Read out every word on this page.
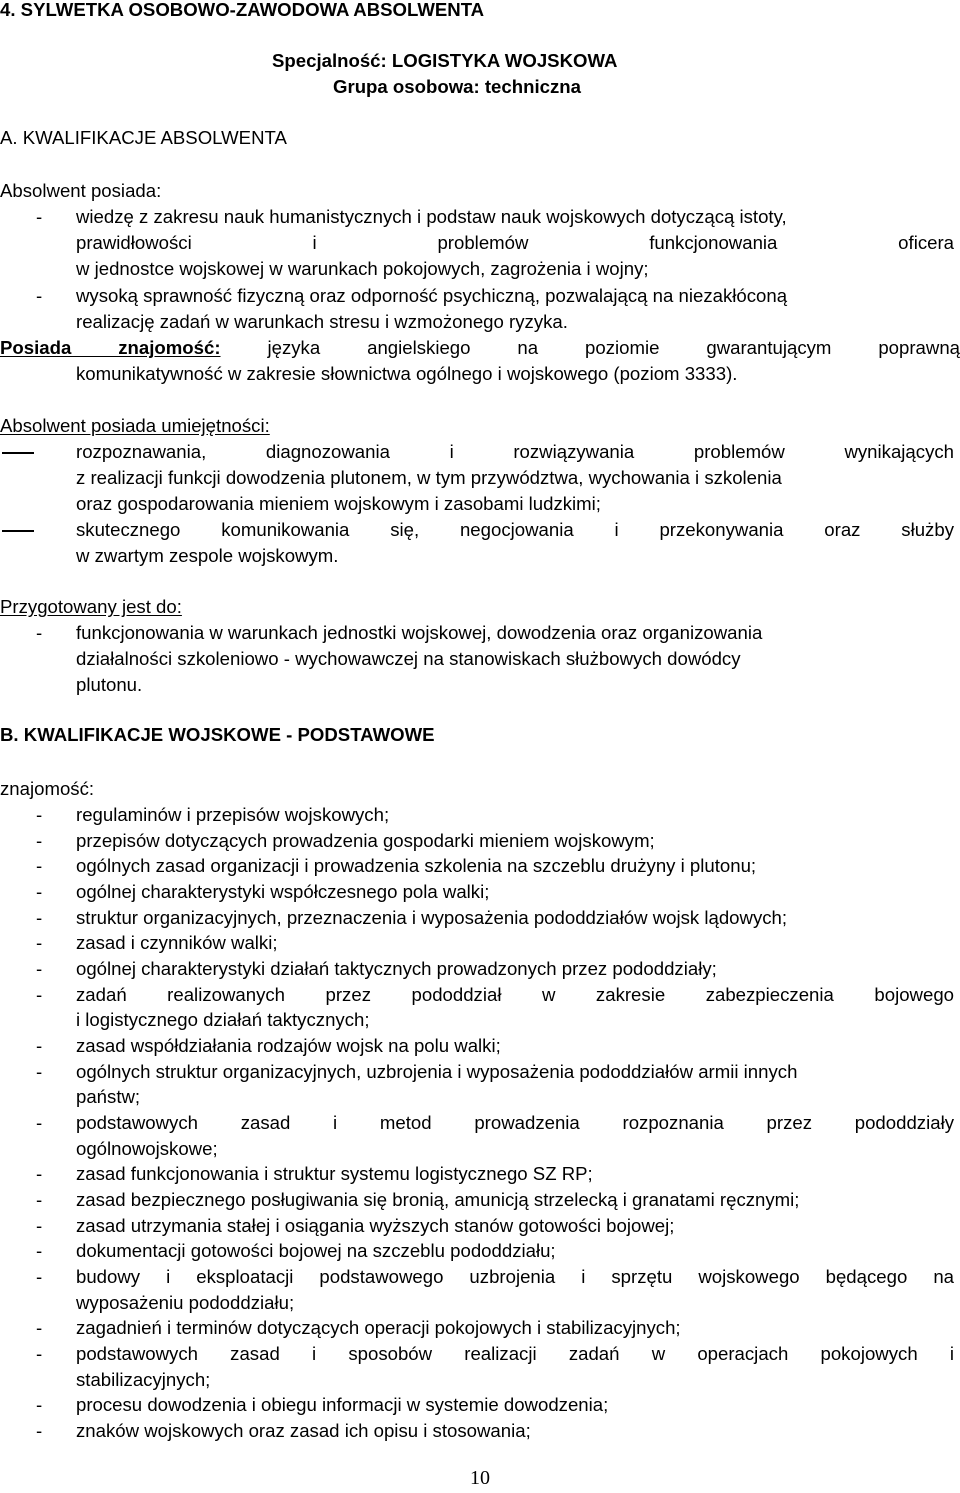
4. SYLWETKA OSOBOWO-ZAWODOWA ABSOLWENTA
Specjalność: LOGISTYKA WOJSKOWA
Grupa osobowa: techniczna
A. KWALIFIKACJE ABSOLWENTA
Absolwent posiada:
- wiedzę z zakresu nauk humanistycznych i podstaw nauk wojskowych dotyczącą istoty,
prawidłowości i problemów funkcjonowania oficera
w jednostce wojskowej w warunkach pokojowych, zagrożenia i wojny;
- wysoką sprawność fizyczną oraz odporność psychiczną, pozwalającą na niezakłóconą
realizację zadań w warunkach stresu i wzmożonego ryzyka.
Posiada znajomość:	języka angielskiego na poziomie gwarantującym poprawną
komunikatywność w zakresie słownictwa ogólnego i wojskowego (poziom 3333).
Absolwent posiada umiejętności:
rozpoznawania, diagnozowania i rozwiązywania problemów wynikających
z realizacji funkcji dowodzenia plutonem, w tym przywództwa, wychowania i szkolenia
oraz gospodarowania mieniem wojskowym i zasobami ludzkimi;
skutecznego komunikowania się, negocjowania i przekonywania oraz służby
w zwartym zespole wojskowym.
Przygotowany jest do:
- funkcjonowania w warunkach jednostki wojskowej, dowodzenia oraz organizowania
działalności szkoleniowo - wychowawczej na stanowiskach służbowych dowódcy
plutonu.
B. KWALIFIKACJE WOJSKOWE - PODSTAWOWE
znajomość:
- regulaminów i przepisów wojskowych;
- przepisów dotyczących prowadzenia gospodarki mieniem wojskowym;
- ogólnych zasad organizacji i prowadzenia szkolenia na szczeblu drużyny i plutonu;
- ogólnej charakterystyki współczesnego pola walki;
- struktur organizacyjnych, przeznaczenia i wyposażenia pododdziałów wojsk lądowych;
- zasad i czynników walki;
- ogólnej charakterystyki działań taktycznych prowadzonych przez pododdziały;
- zadań realizowanych przez pododdział w zakresie zabezpieczenia bojowego
i logistycznego działań taktycznych;
- zasad współdziałania rodzajów wojsk na polu walki;
- ogólnych struktur organizacyjnych, uzbrojenia i wyposażenia pododdziałów armii innych
państw;
- podstawowych zasad i metod prowadzenia rozpoznania przez pododdziały
ogólnowojskowe;
- zasad funkcjonowania i struktur systemu logistycznego SZ RP;
- zasad bezpiecznego posługiwania się bronią, amunicją strzelecką i granatami ręcznymi;
- zasad utrzymania stałej i osiągania wyższych stanów gotowości bojowej;
- dokumentacji gotowości bojowej na szczeblu pododdziału;
- budowy i eksploatacji podstawowego uzbrojenia i sprzętu wojskowego będącego na
wyposażeniu pododdziału;
- zagadnień i terminów dotyczących operacji pokojowych i stabilizacyjnych;
- podstawowych zasad i sposobów realizacji zadań w operacjach pokojowych i
stabilizacyjnych;
- procesu dowodzenia i obiegu informacji w systemie dowodzenia;
- znaków wojskowych oraz zasad ich opisu i stosowania;
10
